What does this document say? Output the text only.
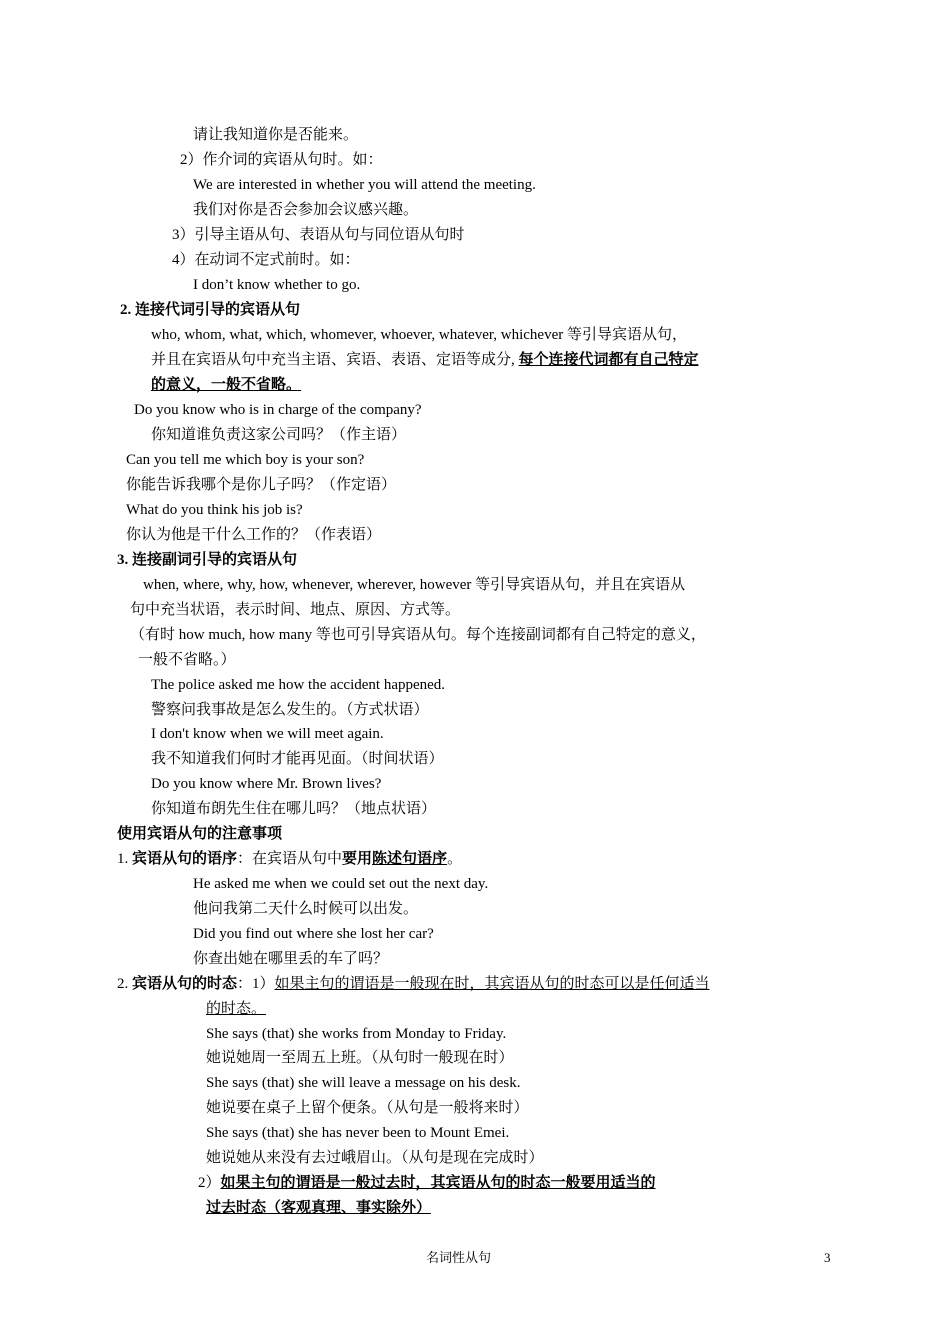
请让我知道你是否能来。
2）作介词的宾语从句时。如：
We are interested in whether you will attend the meeting.
我们对你是否会参加会议感兴趣。
3）引导主语从句、表语从句与同位语从句时
4）在动词不定式前时。如：
I don’t know whether to go.
2. 连接代词引导的宾语从句
who, whom, what, which, whomever, whoever, whatever, whichever 等引导宾语从句，
并且在宾语从句中充当主语、宾语、表语、定语等成分, 每个连接代词都有自己特定
的意义，一般不省略。
Do you know who is in charge of the company?
你知道谁负责这家公司吗？（作主语）
Can you tell me which boy is your son?
你能告诉我哪个是你儿子吗？（作定语）
What do you think his job is?
你认为他是干什么工作的？（作表语）
3. 连接副词引导的宾语从句
when, where, why, how, whenever, wherever, however 等引导宾语从句，并且在宾语从
句中充当状语，表示时间、地点、原因、方式等。
（有时 how much, how many 等也可引导宾语从句。每个连接副词都有自己特定的意义，
一般不省略。）
The police asked me how the accident happened.
警察问我事故是怎么发生的。（方式状语）
I don't know when we will meet again.
我不知道我们何时才能再见面。（时间状语）
Do you know where Mr. Brown lives?
你知道布朗先生住在哪儿吗？（地点状语）
使用宾语从句的注意事项
1. 宾语从句的语序：在宾语从句中要用陈述句语序。
He asked me when we could set out the next day.
他问我第二天什么时候可以出发。
Did you find out where she lost her car?
你查出她在哪里丢的车了吗？
2. 宾语从句的时态：1）如果主句的谓语是一般现在时，其宾语从句的时态可以是任何适当
的时态。
She says (that) she works from Monday to Friday.
她说她周一至周五上班。（从句时一般现在时）
She says (that) she will leave a message on his desk.
她说要在桌子上留个便条。（从句是一般将来时）
She says (that) she has never been to Mount Emei.
她说她从来没有去过峨眉山。（从句是现在完成时）
2）如果主句的谓语是一般过去时，其宾语从句的时态一般要用适当的
过去时态（客观真理、事实除外）
名词性从句	3
